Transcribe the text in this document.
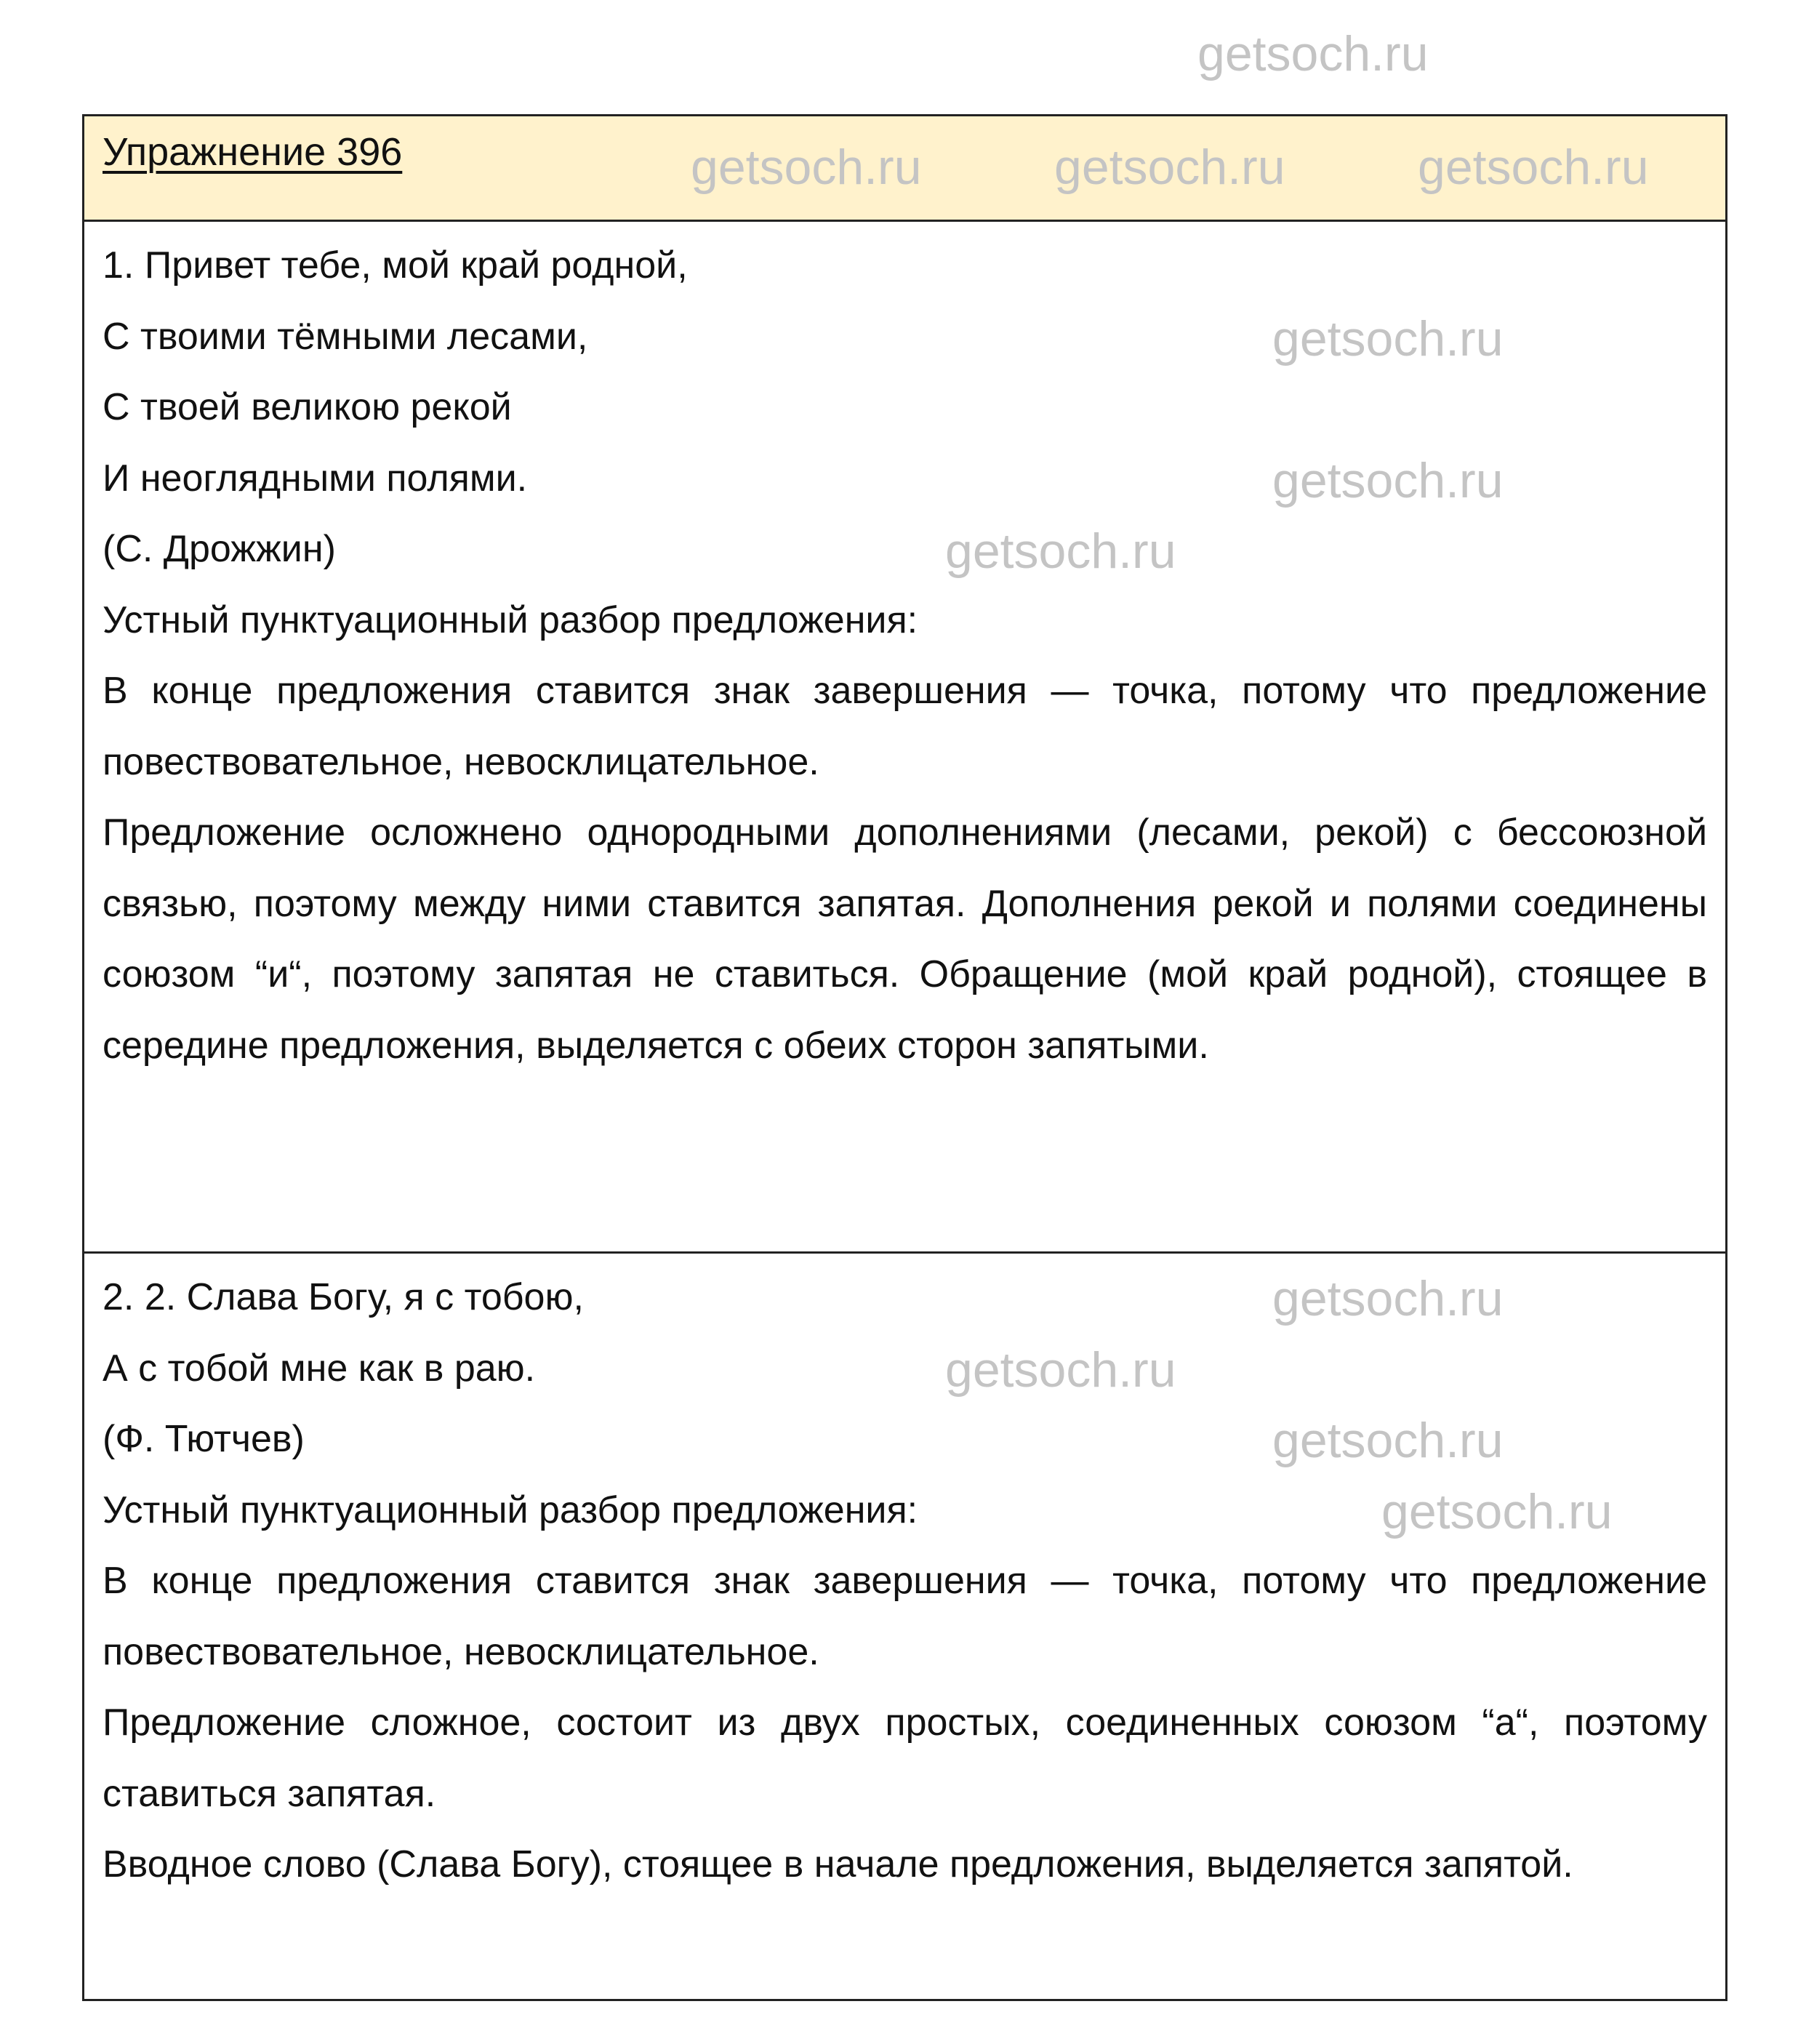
Упражнение 396

1. Привет тебе, мой край родной,

С твоими тёмными лесами,

С твоей великою рекой

И неоглядными полями.

(С. Дрожжин)

Устный пунктуационный разбор предложения:

В конце предложения ставится знак завершения — точка, потому что предложение повествовательное, невосклицательное.

Предложение осложнено однородными дополнениями (лесами, рекой) с бессоюзной связью, поэтому между ними ставится запятая. Дополнения рекой и полями соединены союзом “и“, поэтому запятая не ставиться. Обращение (мой край родной), стоящее в середине предложения, выделяется с обеих сторон запятыми.

2. 2. Слава Богу, я с тобою,

А с тобой мне как в раю.

(Ф. Тютчев)

Устный пунктуационный разбор предложения:

В конце предложения ставится знак завершения — точка, потому что предложение повествовательное, невосклицательное.

Предложение сложное, состоит из двух простых, соединенных союзом “а“, поэтому ставиться запятая.

Вводное слово (Слава Богу), стоящее в начале предложения, выделяется запятой.

getsoch.ru
getsoch.ru	getsoch.ru	getsoch.ru
getsoch.ru
getsoch.ru
getsoch.ru
getsoch.ru
getsoch.ru
getsoch.ru
getsoch.ru
